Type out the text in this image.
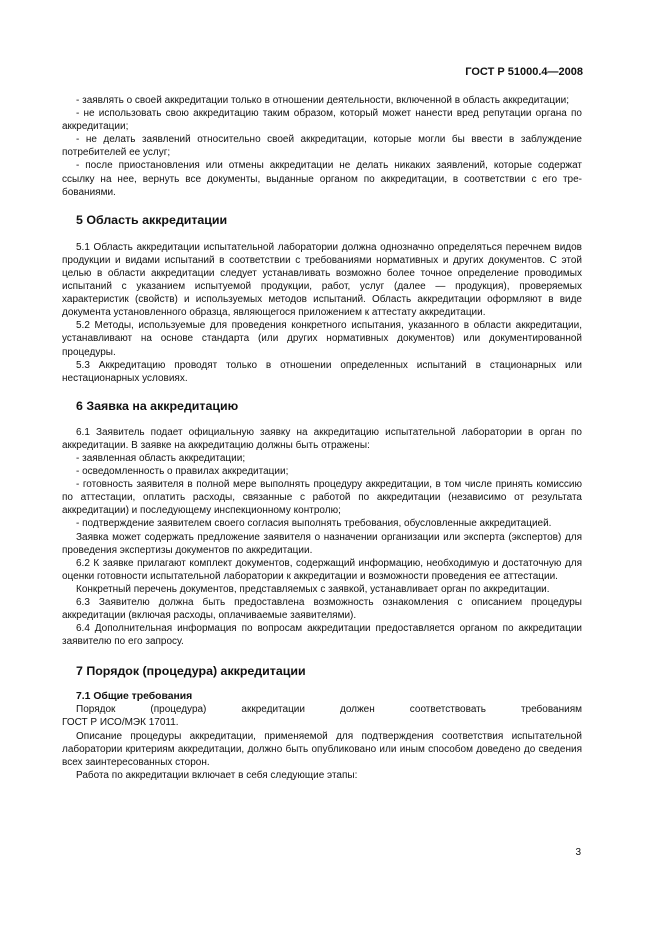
ГОСТ Р 51000.4—2008

- заявлять о своей аккредитации только в отношении деятельности, включенной в область аккредитации;

- не использовать свою аккредитацию таким образом, который может нанести вред репутации органа по аккредитации;

- не делать заявлений относительно своей аккредитации, которые могли бы ввести в заблуждение потребителей ее услуг;

- после приостановления или отмены аккредитации не делать никаких заявлений, которые содержат ссылку на нее, вернуть все документы, выданные органом по аккредитации, в соответствии с его требованиями.

5 Область аккредитации

5.1 Область аккредитации испытательной лаборатории должна однозначно определяться перечнем видов продукции и видами испытаний в соответствии с требованиями нормативных и других документов. С этой целью в области аккредитации следует устанавливать возможно более точное определение проводимых испытаний с указанием испытуемой продукции, работ, услуг (далее — продукция), проверяемых характеристик (свойств) и используемых методов испытаний. Область аккредитации оформляют в виде документа установленного образца, являющегося приложением к аттестату аккредитации.

5.2 Методы, используемые для проведения конкретного испытания, указанного в области аккредитации, устанавливают на основе стандарта (или других нормативных документов) или документированной процедуры.

5.3 Аккредитацию проводят только в отношении определенных испытаний в стационарных или нестационарных условиях.

6 Заявка на аккредитацию

6.1 Заявитель подает официальную заявку на аккредитацию испытательной лаборатории в орган по аккредитации. В заявке на аккредитацию должны быть отражены:

- заявленная область аккредитации;

- осведомленность о правилах аккредитации;

- готовность заявителя в полной мере выполнять процедуру аккредитации, в том числе принять комиссию по аттестации, оплатить расходы, связанные с работой по аккредитации (независимо от результата аккредитации) и последующему инспекционному контролю;

- подтверждение заявителем своего согласия выполнять требования, обусловленные аккредитацией.

Заявка может содержать предложение заявителя о назначении организации или эксперта (экспертов) для проведения экспертизы документов по аккредитации.

6.2 К заявке прилагают комплект документов, содержащий информацию, необходимую и достаточную для оценки готовности испытательной лаборатории к аккредитации и возможности проведения ее аттестации.

Конкретный перечень документов, представляемых с заявкой, устанавливает орган по аккредитации.

6.3 Заявителю должна быть предоставлена возможность ознакомления с описанием процедуры аккредитации (включая расходы, оплачиваемые заявителями).

6.4 Дополнительная информация по вопросам аккредитации предоставляется органом по аккредитации заявителю по его запросу.

7 Порядок (процедура) аккредитации
7.1 Общие требования
Порядок	(процедура)	аккредитации	должен	соответствовать	требованиям
ГОСТ Р ИСО/МЭК 17011.

Описание процедуры аккредитации, применяемой для подтверждения соответствия испытательной лаборатории критериям аккредитации, должно быть опубликовано или иным способом доведено до сведения всех заинтересованных сторон.

Работа по аккредитации включает в себя следующие этапы:

3
